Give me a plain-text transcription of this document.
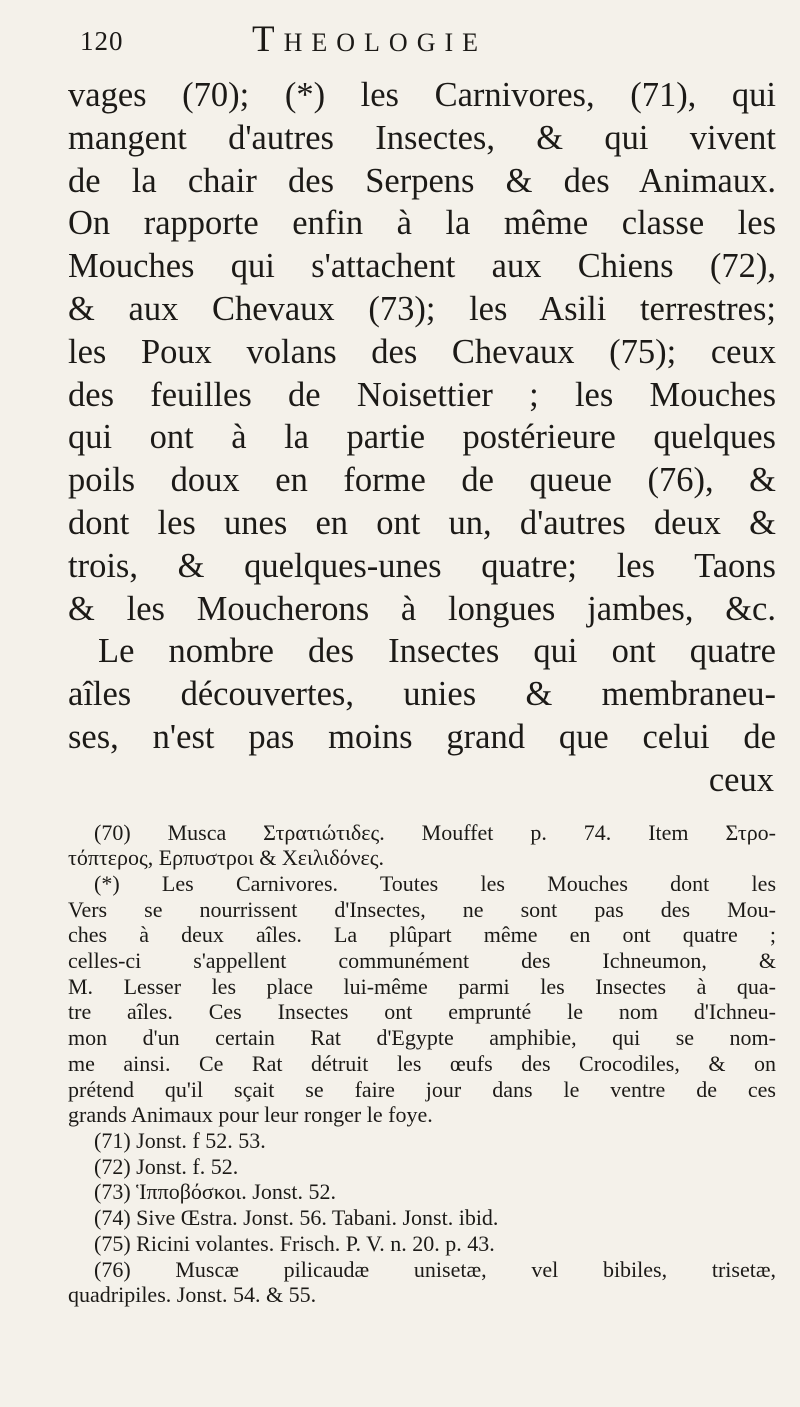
120	Theologie
vages (70); (*) les Carnivores, (71), qui
mangent d'autres Insectes, & qui vivent
de la chair des Serpens & des Animaux.
On rapporte enfin à la même classe les
Mouches qui s'attachent aux Chiens (72),
& aux Chevaux (73); les Asili terrestres;
les Poux volans des Chevaux (75); ceux
des feuilles de Noisettier ; les Mouches
qui ont à la partie postérieure quelques
poils doux en forme de queue (76), &
dont les unes en ont un, d'autres deux &
trois, & quelques-unes quatre; les Taons
& les Moucherons à longues jambes, &c.
Le nombre des Insectes qui ont quatre
aîles découvertes, unies & membraneu-
ses, n'est pas moins grand que celui de
ceux
(70) Musca Στρατιώτιδες. Mouffet p. 74. Item Στρο-
τόπτερος, Ερπυστροι & Χειλιδόνες.
(*) Les Carnivores. Toutes les Mouches dont les
Vers se nourrissent d'Insectes, ne sont pas des Mou-
ches à deux aîles. La plûpart même en ont quatre ;
celles-ci s'appellent communément des Ichneumon, &
M. Lesser les place lui-même parmi les Insectes à qua-
tre aîles. Ces Insectes ont emprunté le nom d'Ichneu-
mon d'un certain Rat d'Egypte amphibie, qui se nom-
me ainsi. Ce Rat détruit les œufs des Crocodiles, & on
prétend qu'il sçait se faire jour dans le ventre de ces
grands Animaux pour leur ronger le foye.
(71) Jonst. f 52. 53.
(72) Jonst. f. 52.
(73) Ἱπποβόσκοι. Jonst. 52.
(74) Sive Œstra. Jonst. 56. Tabani. Jonst. ibid.
(75) Ricini volantes. Frisch. P. V. n. 20. p. 43.
(76) Muscæ pilicaudæ unisetæ, vel bibiles, trisetæ,
quadripiles. Jonst. 54. & 55.
